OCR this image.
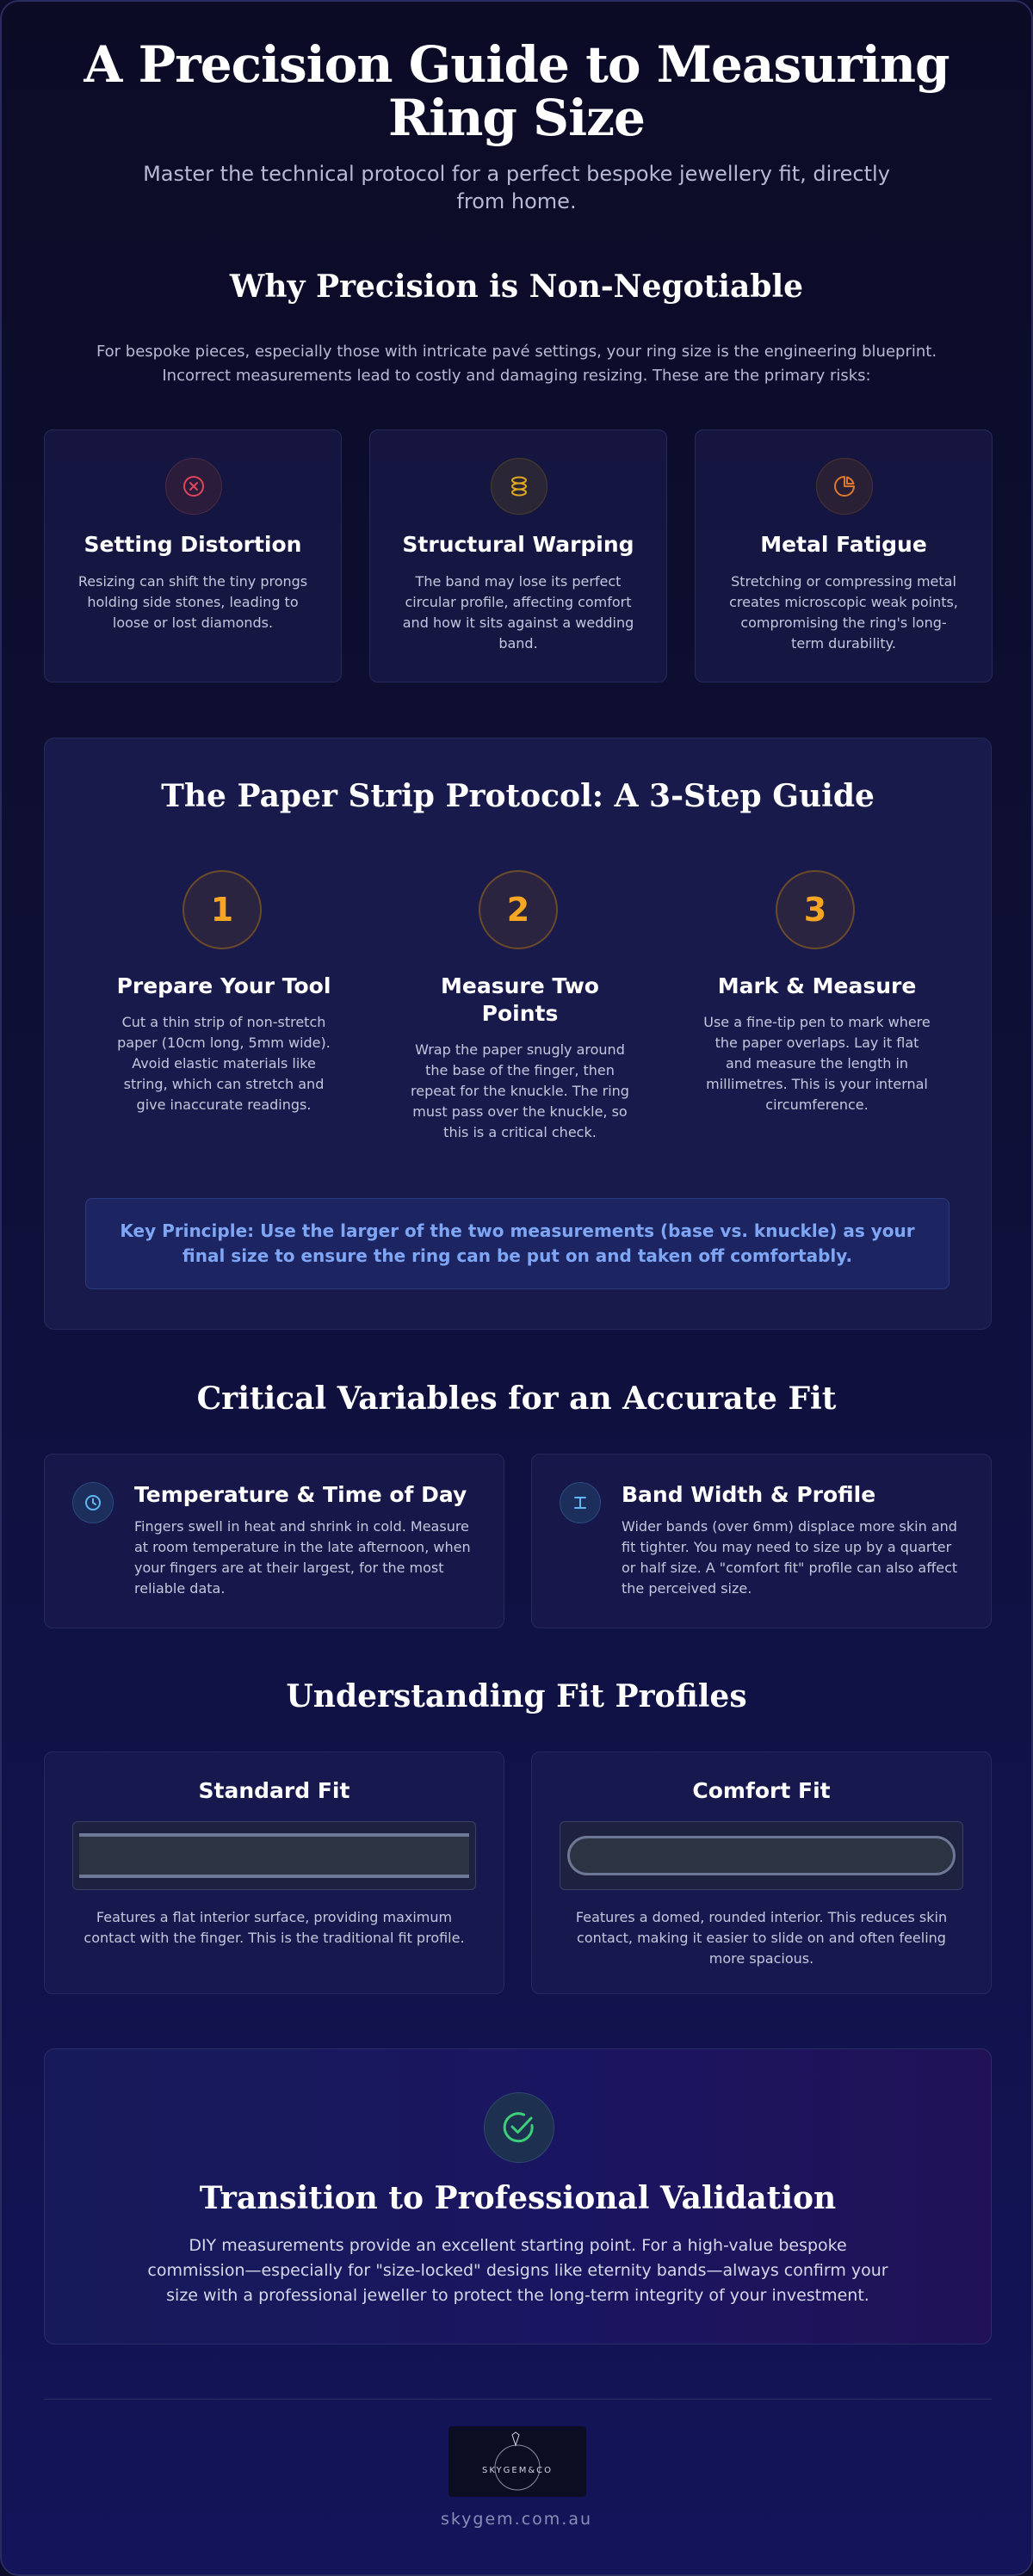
A Precision Guide to Measuring Ring Size
Master the technical protocol for a perfect bespoke jewellery fit, directly from home.
Why Precision is Non-Negotiable
For bespoke pieces, especially those with intricate pavé settings, your ring size is the engineering blueprint. Incorrect measurements lead to costly and damaging resizing. These are the primary risks:
Setting Distortion
Resizing can shift the tiny prongs holding side stones, leading to loose or lost diamonds.
Structural Warping
The band may lose its perfect circular profile, affecting comfort and how it sits against a wedding band.
Metal Fatigue
Stretching or compressing metal creates microscopic weak points, compromising the ring's long-term durability.
The Paper Strip Protocol: A 3-Step Guide
1
Prepare Your Tool
Cut a thin strip of non-stretch paper (10cm long, 5mm wide). Avoid elastic materials like string, which can stretch and give inaccurate readings.
2
Measure Two Points
Wrap the paper snugly around the base of the finger, then repeat for the knuckle. The ring must pass over the knuckle, so this is a critical check.
3
Mark & Measure
Use a fine-tip pen to mark where the paper overlaps. Lay it flat and measure the length in millimetres. This is your internal circumference.
Key Principle: Use the larger of the two measurements (base vs. knuckle) as your final size to ensure the ring can be put on and taken off comfortably.
Critical Variables for an Accurate Fit
Temperature & Time of Day
Fingers swell in heat and shrink in cold. Measure at room temperature in the late afternoon, when your fingers are at their largest, for the most reliable data.
Band Width & Profile
Wider bands (over 6mm) displace more skin and fit tighter. You may need to size up by a quarter or half size. A "comfort fit" profile can also affect the perceived size.
Understanding Fit Profiles
Standard Fit
Features a flat interior surface, providing maximum contact with the finger. This is the traditional fit profile.
Comfort Fit
Features a domed, rounded interior. This reduces skin contact, making it easier to slide on and often feeling more spacious.
Transition to Professional Validation
DIY measurements provide an excellent starting point. For a high-value bespoke commission—especially for "size-locked" designs like eternity bands—always confirm your size with a professional jeweller to protect the long-term integrity of your investment.
SKYGEM&CO
skygem.com.au
